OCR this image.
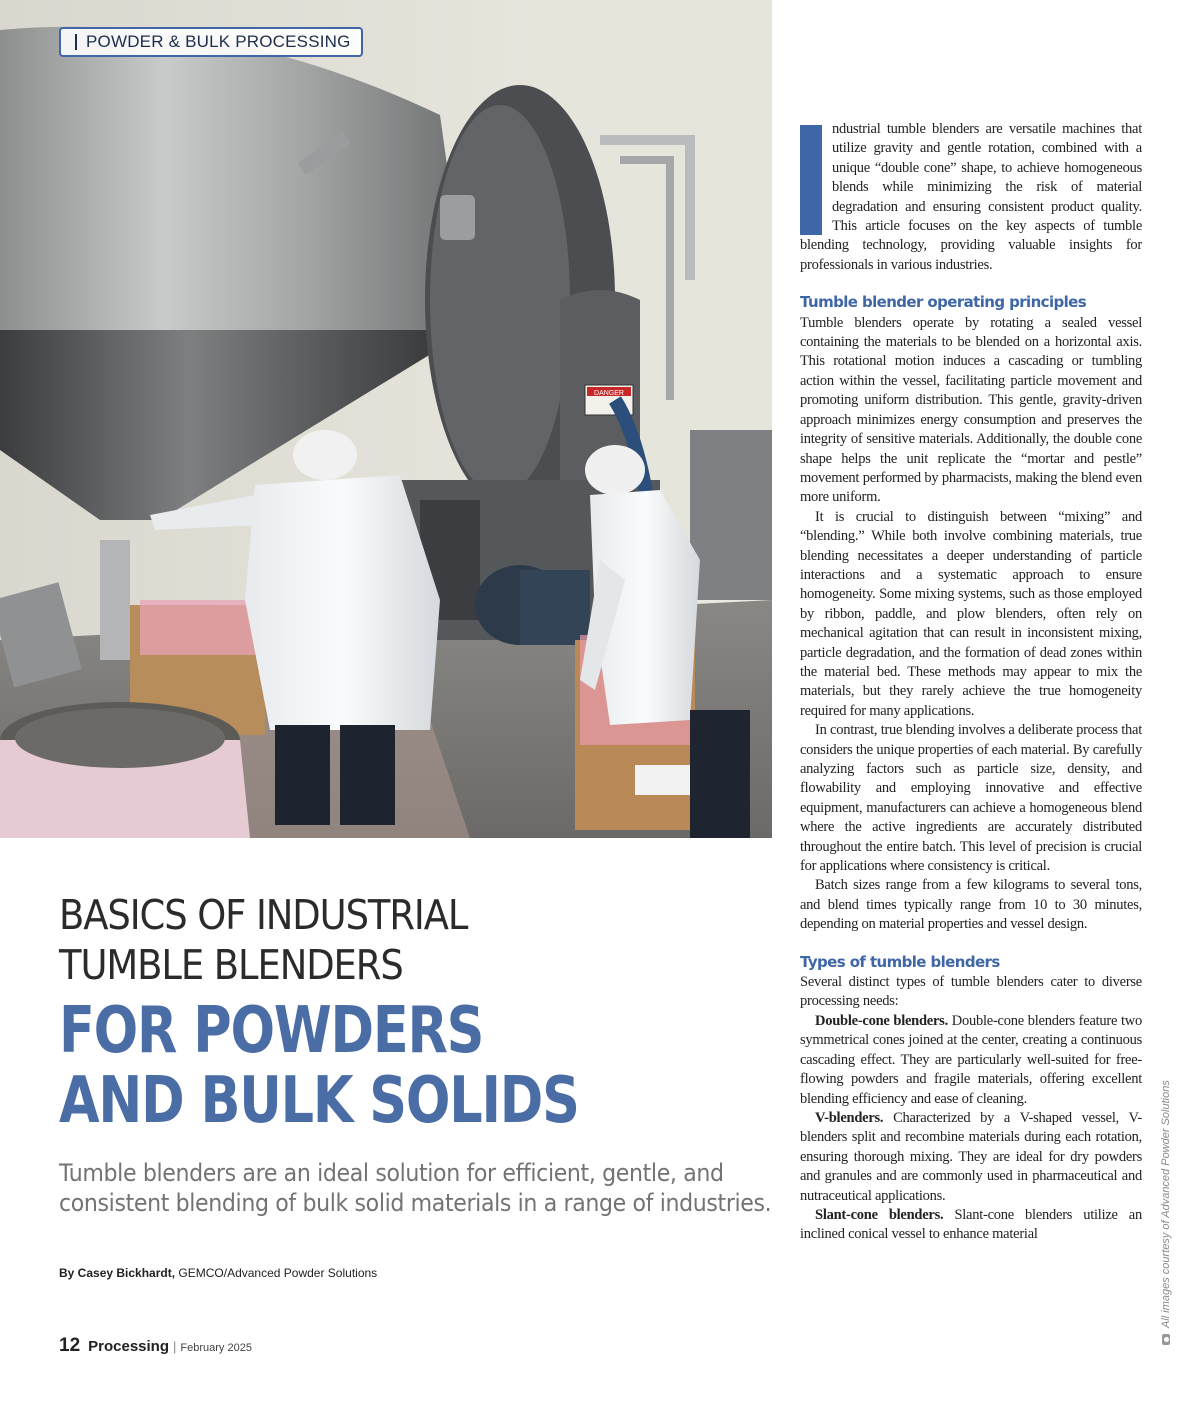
DANGER
POWDER & BULK PROCESSING
BASICS OF INDUSTRIAL
TUMBLE BLENDERS
FOR POWDERS
AND BULK SOLIDS
Tumble blenders are an ideal solution for efficient, gentle, and
consistent blending of bulk solid materials in a range of industries.
By Casey Bickhardt, GEMCO/Advanced Powder Solutions
12 Processing | February 2025

ndustrial tumble blenders are versatile machines that utilize gravity and gentle rotation, combined with a unique “double cone” shape, to achieve homogeneous blends while minimizing the risk of material degradation and ensuring consistent product quality. This article focuses on the key aspects of tumble blending technology, providing valuable insights for professionals in various industries.

Tumble blender operating principles

Tumble blenders operate by rotating a sealed vessel containing the materials to be blended on a horizontal axis. This rotational motion induces a cascading or tumbling action within the vessel, facilitating particle movement and promoting uniform distribution. This gentle, gravity-driven approach minimizes energy consumption and preserves the integrity of sensitive materials. Additionally, the double cone shape helps the unit replicate the “mortar and pestle” movement performed by pharmacists, making the blend even more uniform.

It is crucial to distinguish between “mixing” and “blending.” While both involve combining materials, true blending necessitates a deeper understanding of particle interactions and a systematic approach to ensure homogeneity. Some mixing systems, such as those employed by ribbon, paddle, and plow blenders, often rely on mechanical agitation that can result in inconsistent mixing, particle degradation, and the formation of dead zones within the material bed. These methods may appear to mix the materials, but they rarely achieve the true homogeneity required for many applications.

In contrast, true blending involves a deliberate process that considers the unique properties of each material. By carefully analyzing factors such as particle size, density, and flowability and employing innovative and effective equipment, manufacturers can achieve a homogeneous blend where the active ingredients are accurately distributed throughout the entire batch. This level of precision is crucial for applications where consistency is critical.

Batch sizes range from a few kilograms to several tons, and blend times typically range from 10 to 30 minutes, depending on material properties and vessel design.

Types of tumble blenders

Several distinct types of tumble blenders cater to diverse processing needs:

Double-cone blenders. Double-cone blenders feature two symmetrical cones joined at the center, creating a continuous cascading effect. They are particularly well-suited for free-flowing powders and fragile materials, offering excellent blending efficiency and ease of cleaning.

V-blenders. Characterized by a V-shaped vessel, V-blenders split and recombine materials during each rotation, ensuring thorough mixing. They are ideal for dry powders and granules and are commonly used in pharmaceutical and nutraceutical applications.

Slant-cone blenders. Slant-cone blenders utilize an inclined conical vessel to enhance material	All images courtesy of Advanced Powder Solutions
